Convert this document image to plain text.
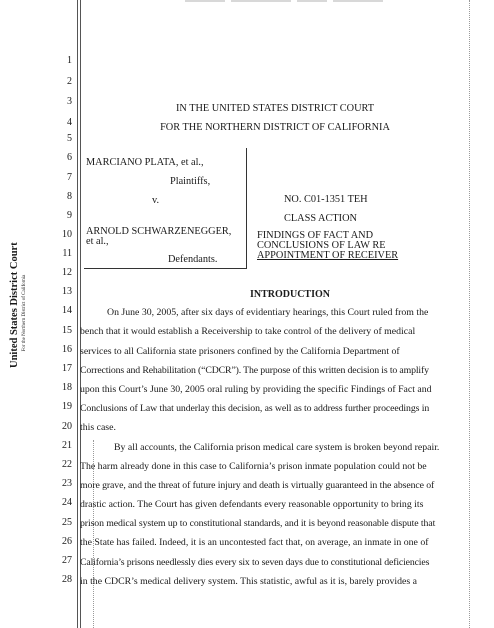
United States District Court For the Northern District of California
1
2
3
4
5
6
7
8
9
10
11
12
13
14
15
16
17
18
19
20
21
22
23
24
25
26
27
28
IN THE UNITED STATES DISTRICT COURT
FOR THE NORTHERN DISTRICT OF CALIFORNIA
MARCIANO PLATA, et al.,
Plaintiffs,
v.
ARNOLD SCHWARZENEGGER,
et al.,
Defendants.
NO. C01-1351 TEH
CLASS ACTION
FINDINGS OF FACT AND
CONCLUSIONS OF LAW RE
APPOINTMENT OF RECEIVER
INTRODUCTION
On June 30, 2005, after six days of evidentiary hearings, this Court ruled from the
bench that it would establish a Receivership to take control of the delivery of medical
services to all California state prisoners confined by the California Department of
Corrections and Rehabilitation (“CDCR”). The purpose of this written decision is to amplify
upon this Court’s June 30, 2005 oral ruling by providing the specific Findings of Fact and
Conclusions of Law that underlay this decision, as well as to address further proceedings in
this case.
By all accounts, the California prison medical care system is broken beyond repair.
The harm already done in this case to California’s prison inmate population could not be
more grave, and the threat of future injury and death is virtually guaranteed in the absence of
drastic action. The Court has given defendants every reasonable opportunity to bring its
prison medical system up to constitutional standards, and it is beyond reasonable dispute that
the State has failed. Indeed, it is an uncontested fact that, on average, an inmate in one of
California’s prisons needlessly dies every six to seven days due to constitutional deficiencies
in the CDCR’s medical delivery system. This statistic, awful as it is, barely provides a
